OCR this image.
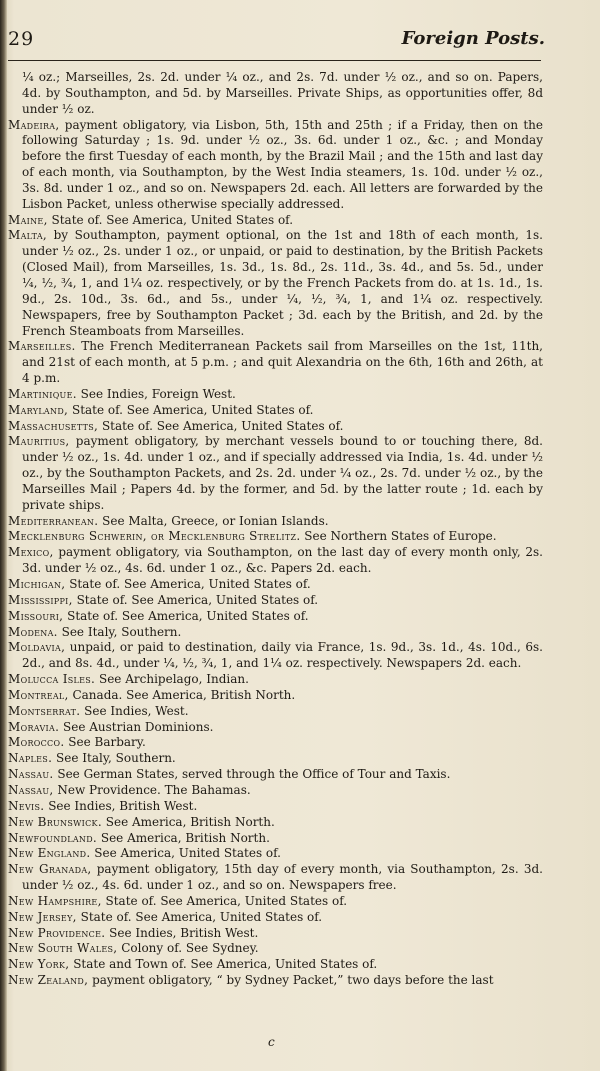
29	Foreign Posts.

¼ oz.; Marseilles, 2s. 2d. under ¼ oz., and 2s. 7d. under ½ oz., and so on. Papers, 4d. by Southampton, and 5d. by Marseilles. Private Ships, as opportunities offer, 8d under ½ oz.

Madeira, payment obligatory, via Lisbon, 5th, 15th and 25th ; if a Friday, then on the following Saturday ; 1s. 9d. under ½ oz., 3s. 6d. under 1 oz., &c. ; and Monday before the first Tuesday of each month, by the Brazil Mail ; and the 15th and last day of each month, via Southampton, by the West India steamers, 1s. 10d. under ½ oz., 3s. 8d. under 1 oz., and so on. Newspapers 2d. each. All letters are forwarded by the Lisbon Packet, unless otherwise specially addressed.

Maine, State of. See America, United States of.

Malta, by Southampton, payment optional, on the 1st and 18th of each month, 1s. under ½ oz., 2s. under 1 oz., or unpaid, or paid to destination, by the British Packets (Closed Mail), from Marseilles, 1s. 3d., 1s. 8d., 2s. 11d., 3s. 4d., and 5s. 5d., under ¼, ½, ¾, 1, and 1¼ oz. respectively, or by the French Packets from do. at 1s. 1d., 1s. 9d., 2s. 10d., 3s. 6d., and 5s., under ¼, ½, ¾, 1, and 1¼ oz. respectively. Newspapers, free by Southampton Packet ; 3d. each by the British, and 2d. by the French Steamboats from Marseilles.

Marseilles. The French Mediterranean Packets sail from Marseilles on the 1st, 11th, and 21st of each month, at 5 p.m. ; and quit Alexandria on the 6th, 16th and 26th, at 4 p.m.

Martinique. See Indies, Foreign West.

Maryland, State of. See America, United States of.

Massachusetts, State of. See America, United States of.

Mauritius, payment obligatory, by merchant vessels bound to or touching there, 8d. under ½ oz., 1s. 4d. under 1 oz., and if specially addressed via India, 1s. 4d. under ½ oz., by the Southampton Packets, and 2s. 2d. under ¼ oz., 2s. 7d. under ½ oz., by the Marseilles Mail ; Papers 4d. by the former, and 5d. by the latter route ; 1d. each by private ships.

Mediterranean. See Malta, Greece, or Ionian Islands.

Mecklenburg Schwerin, or Mecklenburg Strelitz. See Northern States of Europe.

Mexico, payment obligatory, via Southampton, on the last day of every month only, 2s. 3d. under ½ oz., 4s. 6d. under 1 oz., &c. Papers 2d. each.

Michigan, State of. See America, United States of.

Mississippi, State of. See America, United States of.

Missouri, State of. See America, United States of.

Modena. See Italy, Southern.

Moldavia, unpaid, or paid to destination, daily via France, 1s. 9d., 3s. 1d., 4s. 10d., 6s. 2d., and 8s. 4d., under ¼, ½, ¾, 1, and 1¼ oz. respectively. Newspapers 2d. each.

Molucca Isles. See Archipelago, Indian.

Montreal, Canada. See America, British North.

Montserrat. See Indies, West.

Moravia. See Austrian Dominions.

Morocco. See Barbary.

Naples. See Italy, Southern.

Nassau. See German States, served through the Office of Tour and Taxis.

Nassau, New Providence. The Bahamas.

Nevis. See Indies, British West.

New Brunswick. See America, British North.

Newfoundland. See America, British North.

New England. See America, United States of.

New Granada, payment obligatory, 15th day of every month, via Southampton, 2s. 3d. under ½ oz., 4s. 6d. under 1 oz., and so on. Newspapers free.

New Hampshire, State of. See America, United States of.

New Jersey, State of. See America, United States of.

New Providence. See Indies, British West.

New South Wales, Colony of. See Sydney.

New York, State and Town of. See America, United States of.

New Zealand, payment obligatory, “ by Sydney Packet,” two days before the last

c
